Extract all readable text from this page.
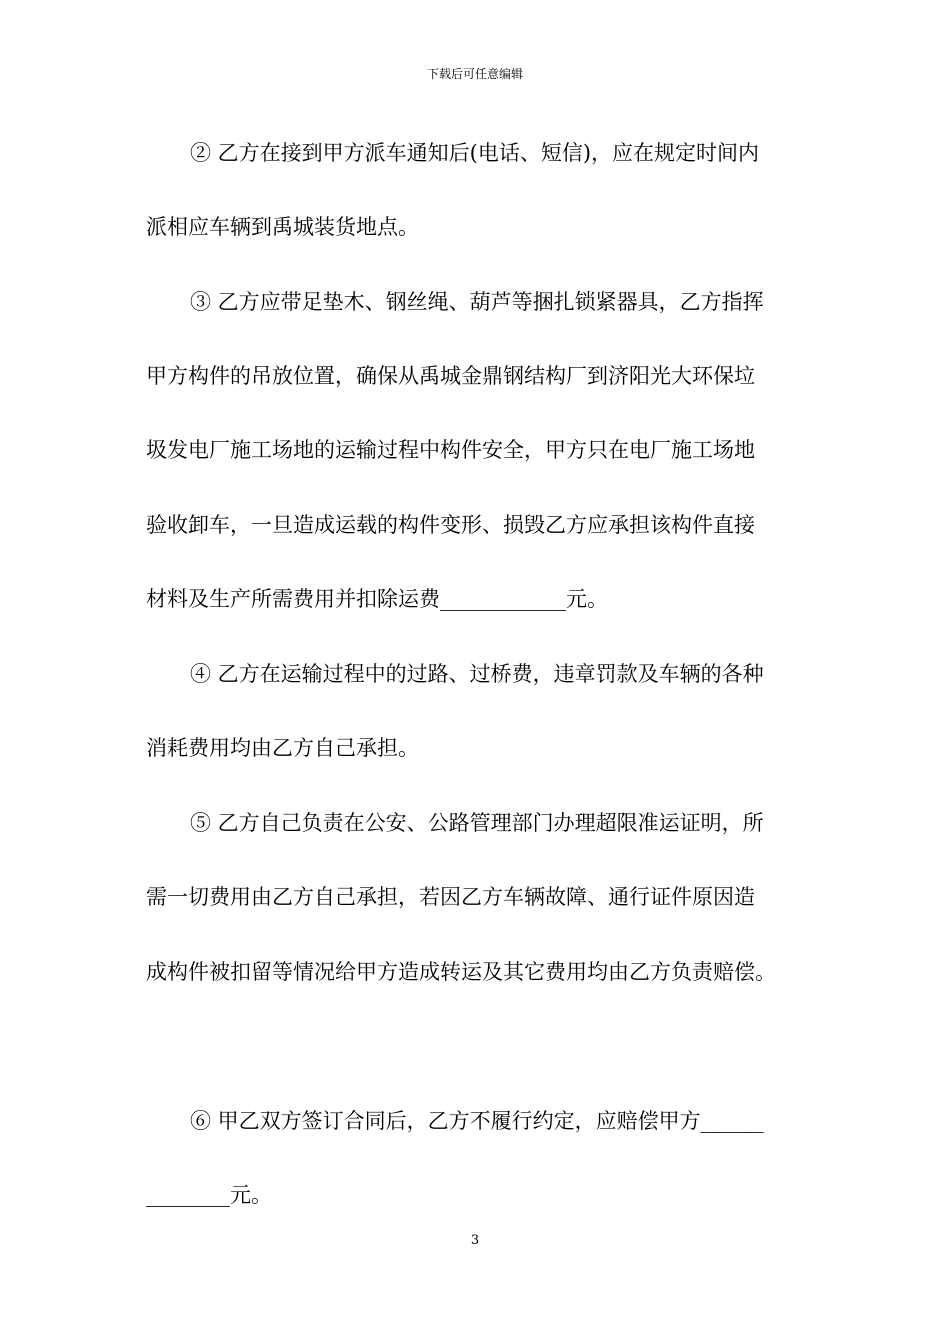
下载后可任意编辑
② 乙方在接到甲方派车通知后(电话、短信)，应在规定时间内
派相应车辆到禹城装货地点。
③ 乙方应带足垫木、钢丝绳、葫芦等捆扎锁紧器具，乙方指挥
甲方构件的吊放位置，确保从禹城金鼎钢结构厂到济阳光大环保垃
圾发电厂施工场地的运输过程中构件安全，甲方只在电厂施工场地
验收卸车，一旦造成运载的构件变形、损毁乙方应承担该构件直接
材料及生产所需费用并扣除运费____________元。
④ 乙方在运输过程中的过路、过桥费，违章罚款及车辆的各种
消耗费用均由乙方自己承担。
⑤ 乙方自己负责在公安、公路管理部门办理超限准运证明，所
需一切费用由乙方自己承担，若因乙方车辆故障、通行证件原因造
成构件被扣留等情况给甲方造成转运及其它费用均由乙方负责赔偿。
⑥ 甲乙双方签订合同后，乙方不履行约定，应赔偿甲方______
________元。
3
